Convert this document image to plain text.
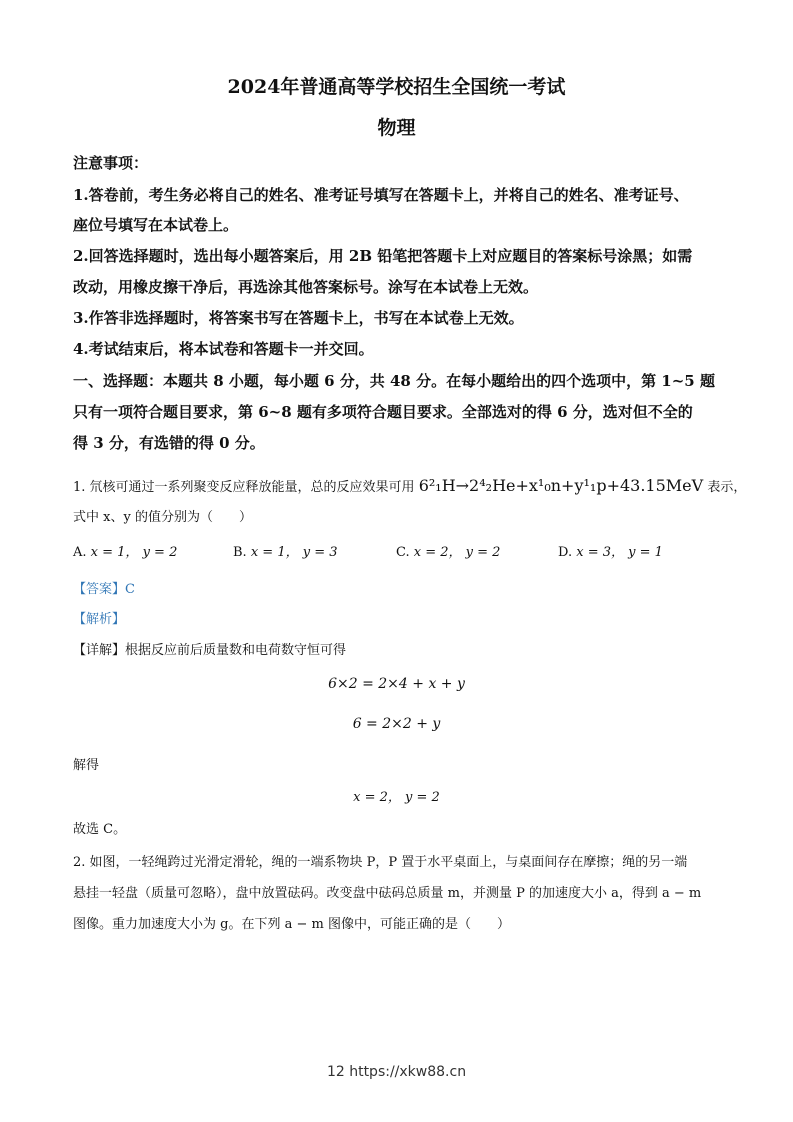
2024年普通高等学校招生全国统一考试
物理
注意事项：
1.答卷前，考生务必将自己的姓名、准考证号填写在答题卡上，并将自己的姓名、准考证号、
座位号填写在本试卷上。
2.回答选择题时，选出每小题答案后，用 2B 铅笔把答题卡上对应题目的答案标号涂黑；如需
改动，用橡皮擦干净后，再选涂其他答案标号。涂写在本试卷上无效。
3.作答非选择题时，将答案书写在答题卡上，书写在本试卷上无效。
4.考试结束后，将本试卷和答题卡一并交回。
一、选择题：本题共 8 小题，每小题 6 分，共 48 分。在每小题给出的四个选项中，第 1~5 题
只有一项符合题目要求，第 6~8 题有多项符合题目要求。全部选对的得 6 分，选对但不全的
得 3 分，有选错的得 0 分。
1. 氘核可通过一系列聚变反应释放能量，总的反应效果可用 6²₁H→2⁴₂He+x¹₀n+y¹₁p+43.15MeV 表示，
式中 x、y 的值分别为（　　）
A. x = 1， y = 2	B. x = 1， y = 3	C. x = 2， y = 2	D. x = 3， y = 1
【答案】C
【解析】
【详解】根据反应前后质量数和电荷数守恒可得
6×2 = 2×4 + x + y
6 = 2×2 + y
解得
x = 2， y = 2
故选 C。
2. 如图，一轻绳跨过光滑定滑轮，绳的一端系物块 P，P 置于水平桌面上，与桌面间存在摩擦；绳的另一端
悬挂一轻盘（质量可忽略），盘中放置砝码。改变盘中砝码总质量 m，并测量 P 的加速度大小 a，得到 a − m
图像。重力加速度大小为 g。在下列 a − m 图像中，可能正确的是（　　）
12 https://xkw88.cn
